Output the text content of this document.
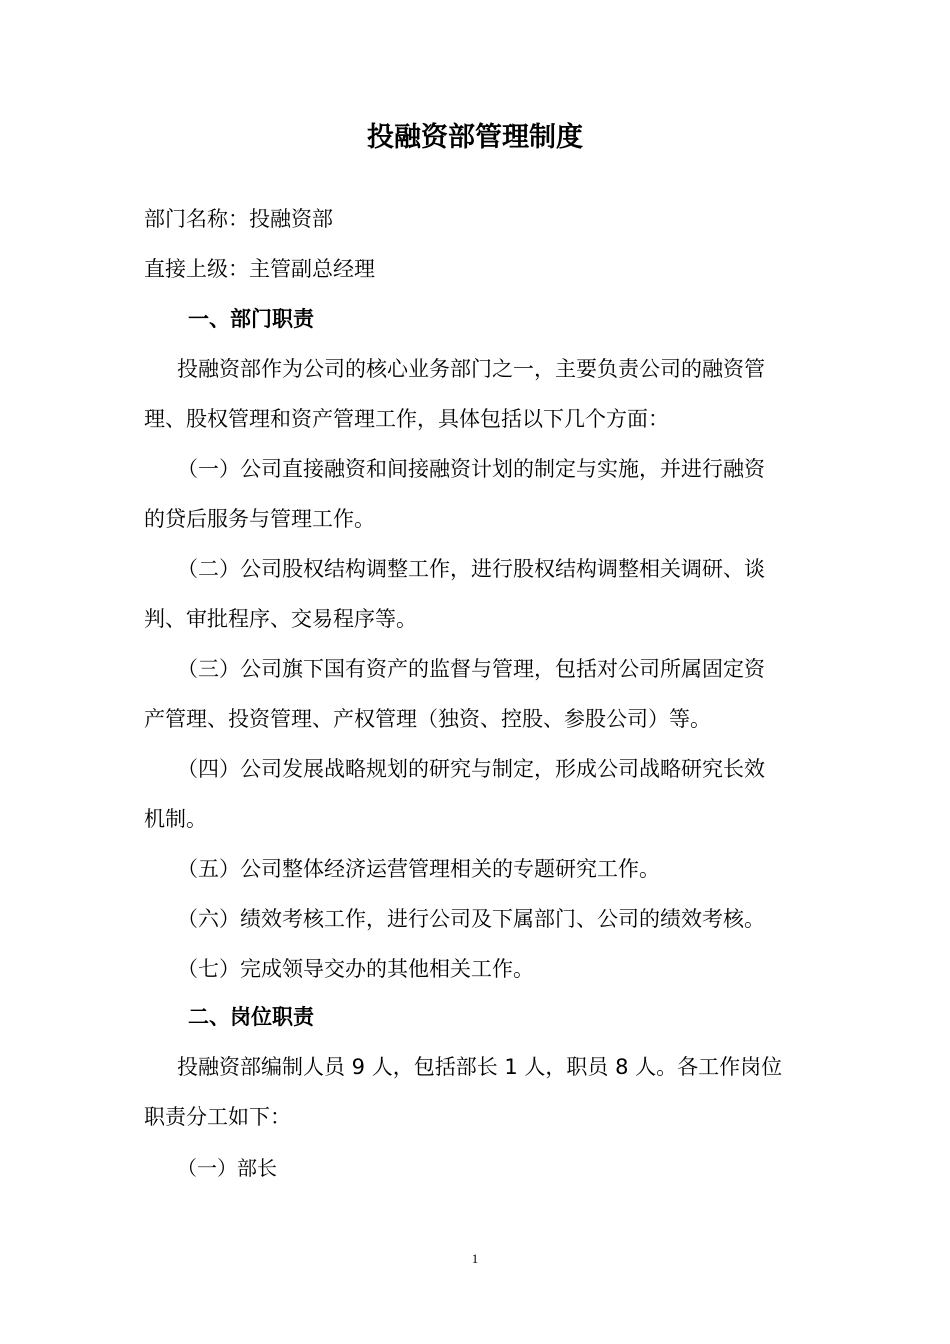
投融资部管理制度

部门名称：投融资部

直接上级：主管副总经理

一、部门职责

投融资部作为公司的核心业务部门之一，主要负责公司的融资管

理、股权管理和资产管理工作，具体包括以下几个方面：

（一）公司直接融资和间接融资计划的制定与实施，并进行融资

的贷后服务与管理工作。

（二）公司股权结构调整工作，进行股权结构调整相关调研、谈

判、审批程序、交易程序等。

（三）公司旗下国有资产的监督与管理，包括对公司所属固定资

产管理、投资管理、产权管理（独资、控股、参股公司）等。

（四）公司发展战略规划的研究与制定，形成公司战略研究长效

机制。

（五）公司整体经济运营管理相关的专题研究工作。

（六）绩效考核工作，进行公司及下属部门、公司的绩效考核。

（七）完成领导交办的其他相关工作。

二、岗位职责

投融资部编制人员 9 人，包括部长 1 人，职员 8 人。各工作岗位

职责分工如下：

（一）部长

1
